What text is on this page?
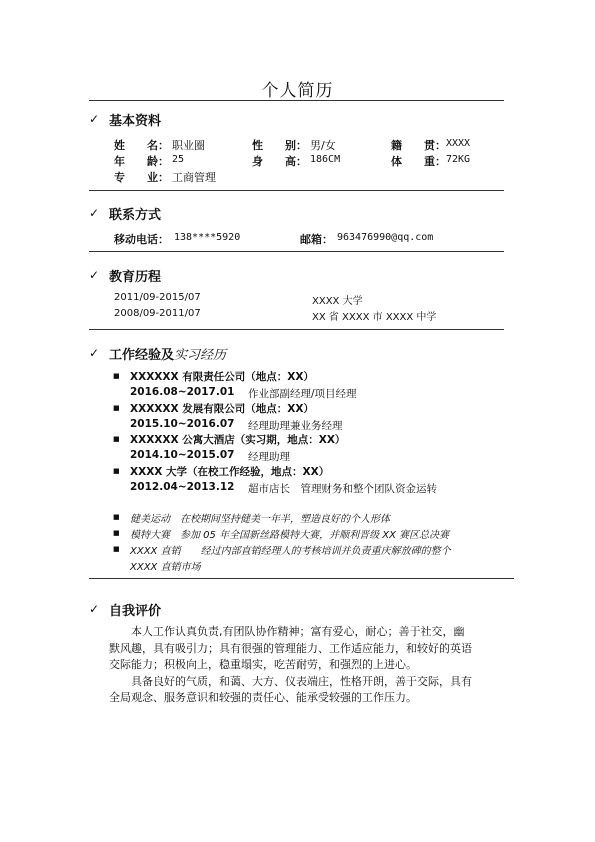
个人简历
✓ 基本资料
姓　　名： 职业圈	性　　别： 男/女	籍　　贯： XXXX
年　　龄： 25	身　　高： 186CM	体　　重： 72KG
专　　业： 工商管理
✓ 联系方式
移动电话： 138****5920	邮箱： 963476990@qq.com
✓ 教育历程
2011/09-2015/07	XXXX 大学
2008/09-2011/07	XX 省 XXXX 市 XXXX 中学
✓ 工作经验及实习经历
■ XXXXXX 有限责任公司（地点：XX）
2016.08~2017.01 作业部副经理/项目经理
■ XXXXXX 发展有限公司（地点：XX）
2015.10~2016.07 经理助理兼业务经理
■ XXXXXX 公寓大酒店（实习期，地点：XX）
2014.10~2015.07 经理助理
■ XXXX 大学（在校工作经验，地点：XX）
2012.04~2013.12 超市店长　管理财务和整个团队资金运转
■ 健美运动　在校期间坚持健美一年半，塑造良好的个人形体
■ 模特大赛　参加 05 年全国新丝路模特大赛，并顺利晋级 XX 赛区总决赛
■ XXXX 直销　　经过内部直销经理人的考核培训并负责重庆解放碑的整个
XXXX 直销市场
✓ 自我评价
本人工作认真负责,有团队协作精神；富有爱心，耐心；善于社交，幽
默风趣，具有吸引力；具有很强的管理能力、工作适应能力，和较好的英语
交际能力；积极向上，稳重塌实，吃苦耐劳，和强烈的上进心。
具备良好的气质，和蔼、大方、仪表端庄，性格开朗，善于交际，具有
全局观念、服务意识和较强的责任心、能承受较强的工作压力。
